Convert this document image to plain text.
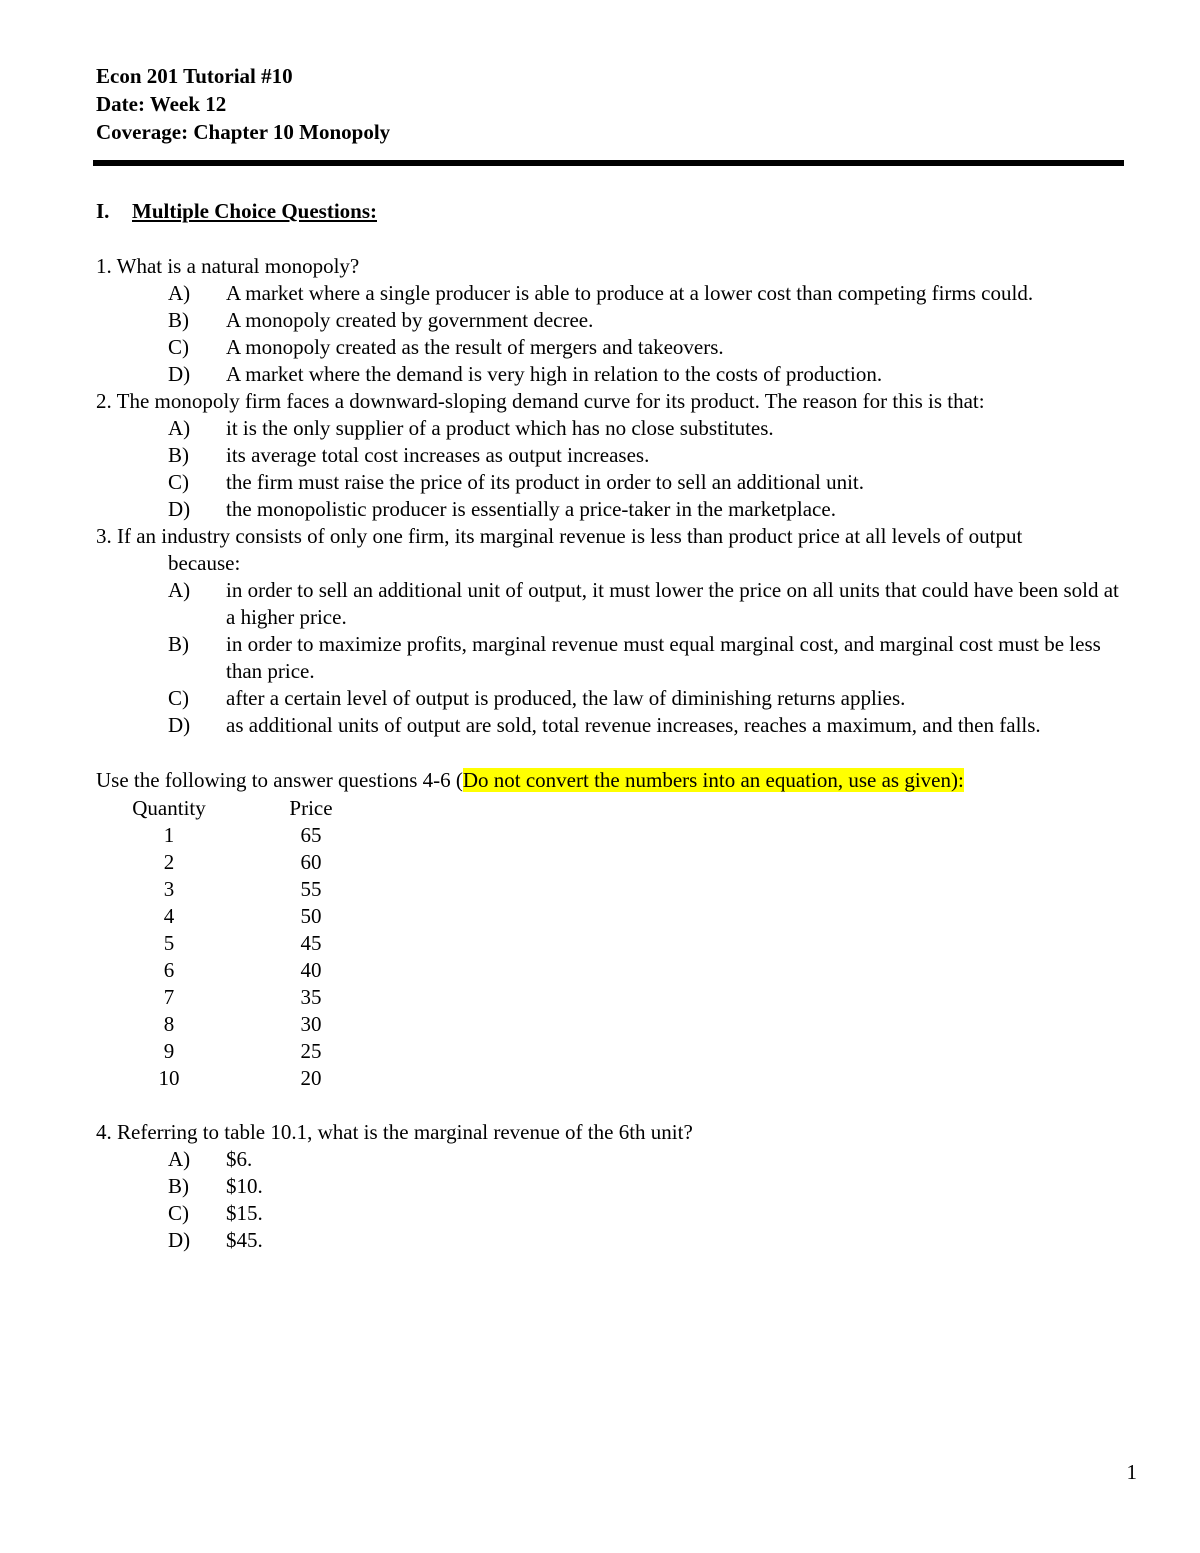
Econ 201 Tutorial #10
Date: Week 12
Coverage: Chapter 10 Monopoly
I. Multiple Choice Questions:
1. What is a natural monopoly?
A)	A market where a single producer is able to produce at a lower cost than competing firms could.
B)	A monopoly created by government decree.
C)	A monopoly created as the result of mergers and takeovers.
D)	A market where the demand is very high in relation to the costs of production.
2. The monopoly firm faces a downward-sloping demand curve for its product. The reason for this is that:
A)	it is the only supplier of a product which has no close substitutes.
B)	its average total cost increases as output increases.
C)	the firm must raise the price of its product in order to sell an additional unit.
D)	the monopolistic producer is essentially a price-taker in the marketplace.
3. If an industry consists of only one firm, its marginal revenue is less than product price at all levels of output
because:
A)	in order to sell an additional unit of output, it must lower the price on all units that could have been sold at a higher price.
B)	in order to maximize profits, marginal revenue must equal marginal cost, and marginal cost must be less than price.
C)	after a certain level of output is produced, the law of diminishing returns applies.
D)	as additional units of output are sold, total revenue increases, reaches a maximum, and then falls.
Use the following to answer questions 4-6 (Do not convert the numbers into an equation, use as given):
Quantity	Price
1	65
2	60
3	55
4	50
5	45
6	40
7	35
8	30
9	25
10	20
4. Referring to table 10.1, what is the marginal revenue of the 6th unit?
A)	$6.
B)	$10.
C)	$15.
D)	$45.
1
